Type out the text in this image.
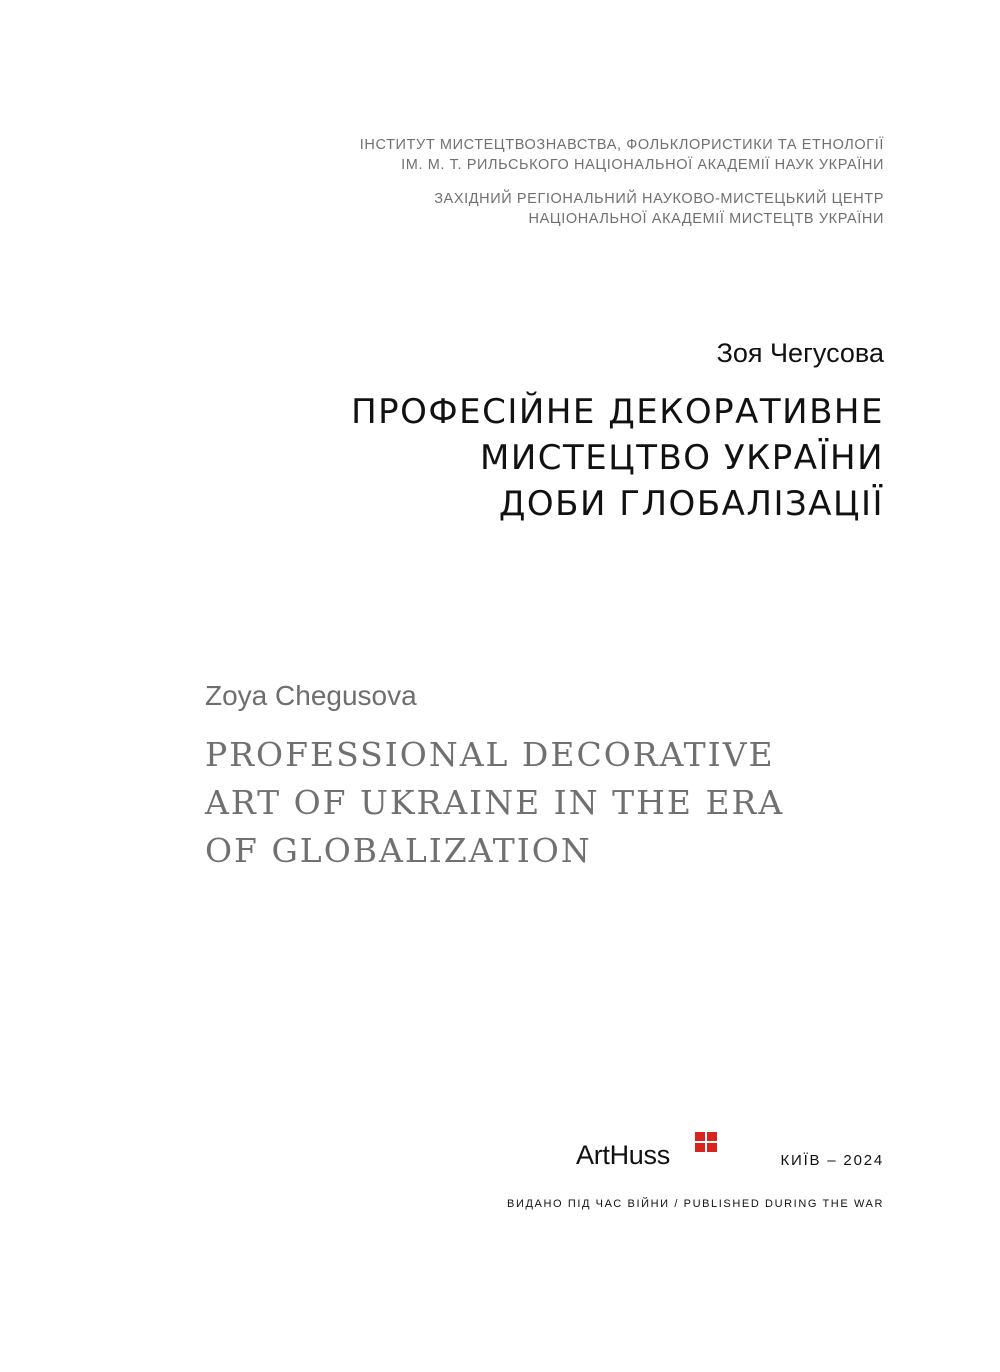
ІНСТИТУТ МИСТЕЦТВОЗНАВСТВА, ФОЛЬКЛОРИСТИКИ ТА ЕТНОЛОГІЇ
ІМ. М. Т. РИЛЬСЬКОГО НАЦІОНАЛЬНОЇ АКАДЕМІЇ НАУК УКРАЇНИ
ЗАХІДНИЙ РЕГІОНАЛЬНИЙ НАУКОВО-МИСТЕЦЬКИЙ ЦЕНТР
НАЦІОНАЛЬНОЇ АКАДЕМІЇ МИСТЕЦТВ УКРАЇНИ
Зоя Чегусова
ПРОФЕСІЙНЕ ДЕКОРАТИВНЕ
МИСТЕЦТВО УКРАЇНИ
ДОБИ ГЛОБАЛІЗАЦІЇ
Zoya Chegusova
PROFESSIONAL DECORATIVE
ART OF UKRAINE IN THE ERA
OF GLOBALIZATION
ArtHuss	КИЇВ – 2024
ВИДАНО ПІД ЧАС ВІЙНИ / PUBLISHED DURING THE WAR
